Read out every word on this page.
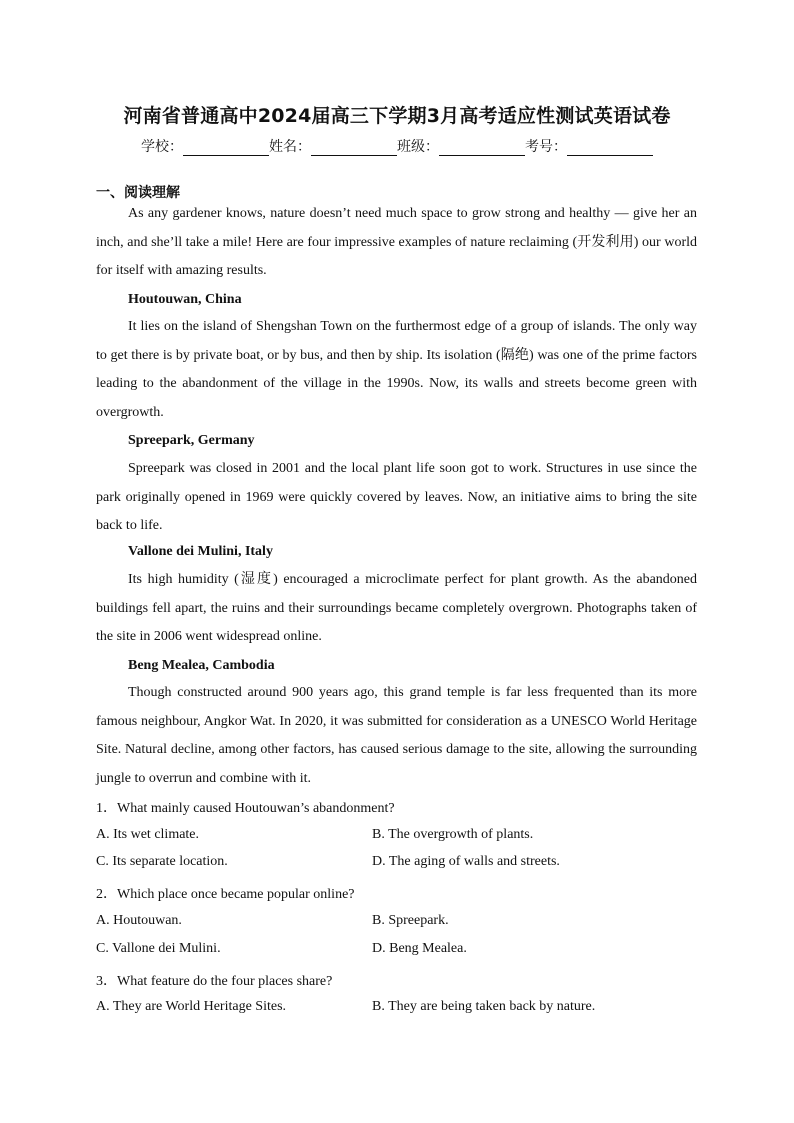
河南省普通高中2024届高三下学期3月高考适应性测试英语试卷
学校：	姓名：	班级：	考号：
一、阅读理解
As any gardener knows, nature doesn’t need much space to grow strong and healthy — give her an inch, and she’ll take a mile! Here are four impressive examples of nature reclaiming (开发利用) our world for itself with amazing results.
Houtouwan, China
It lies on the island of Shengshan Town on the furthermost edge of a group of islands. The only way to get there is by private boat, or by bus, and then by ship. Its isolation (隔绝) was one of the prime factors leading to the abandonment of the village in the 1990s. Now, its walls and streets become green with overgrowth.
Spreepark, Germany
Spreepark was closed in 2001 and the local plant life soon got to work. Structures in use since the park originally opened in 1969 were quickly covered by leaves. Now, an initiative aims to bring the site back to life.
Vallone dei Mulini, Italy
Its high humidity (湿度) encouraged a microclimate perfect for plant growth. As the abandoned buildings fell apart, the ruins and their surroundings became completely overgrown. Photographs taken of the site in 2006 went widespread online.
Beng Mealea, Cambodia
Though constructed around 900 years ago, this grand temple is far less frequented than its more famous neighbour, Angkor Wat. In 2020, it was submitted for consideration as a UNESCO World Heritage Site. Natural decline, among other factors, has caused serious damage to the site, allowing the surrounding jungle to overrun and combine with it.
1．What mainly caused Houtouwan’s abandonment?
A. Its wet climate.	B. The overgrowth of plants.
C. Its separate location.	D. The aging of walls and streets.
2．Which place once became popular online?
A. Houtouwan.	B. Spreepark.
C. Vallone dei Mulini.	D. Beng Mealea.
3．What feature do the four places share?
A. They are World Heritage Sites.	B. They are being taken back by nature.
